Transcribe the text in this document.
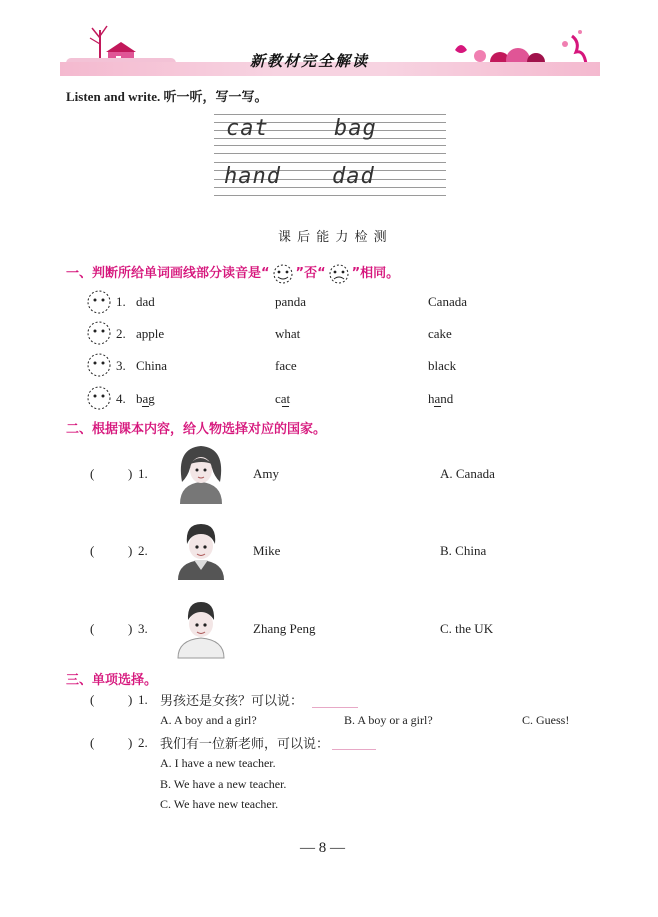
新教材完全解读
Listen and write. 听一听，写一写。
cat	bag
hand dad
课 后 能 力 检 测
一、判断所给单词画线部分读音是“ ”否“ ”相同。
1. dad	panda	Canada
2. apple	what	cake
3. China	face	black
4. bag	cat	hand
二、根据课本内容，给人物选择对应的国家。
(	) 1.	Amy	A. Canada
(	) 2.	Mike	B. China
(	) 3.	Zhang Peng	C. the UK
三、单项选择。
(	) 1. 男孩还是女孩？可以说：
A. A boy and a girl?	B. A boy or a girl?	C. Guess!
(	) 2. 我们有一位新老师，可以说：
A. I have a new teacher.
B. We have a new teacher.
C. We have new teacher.
— 8 —
